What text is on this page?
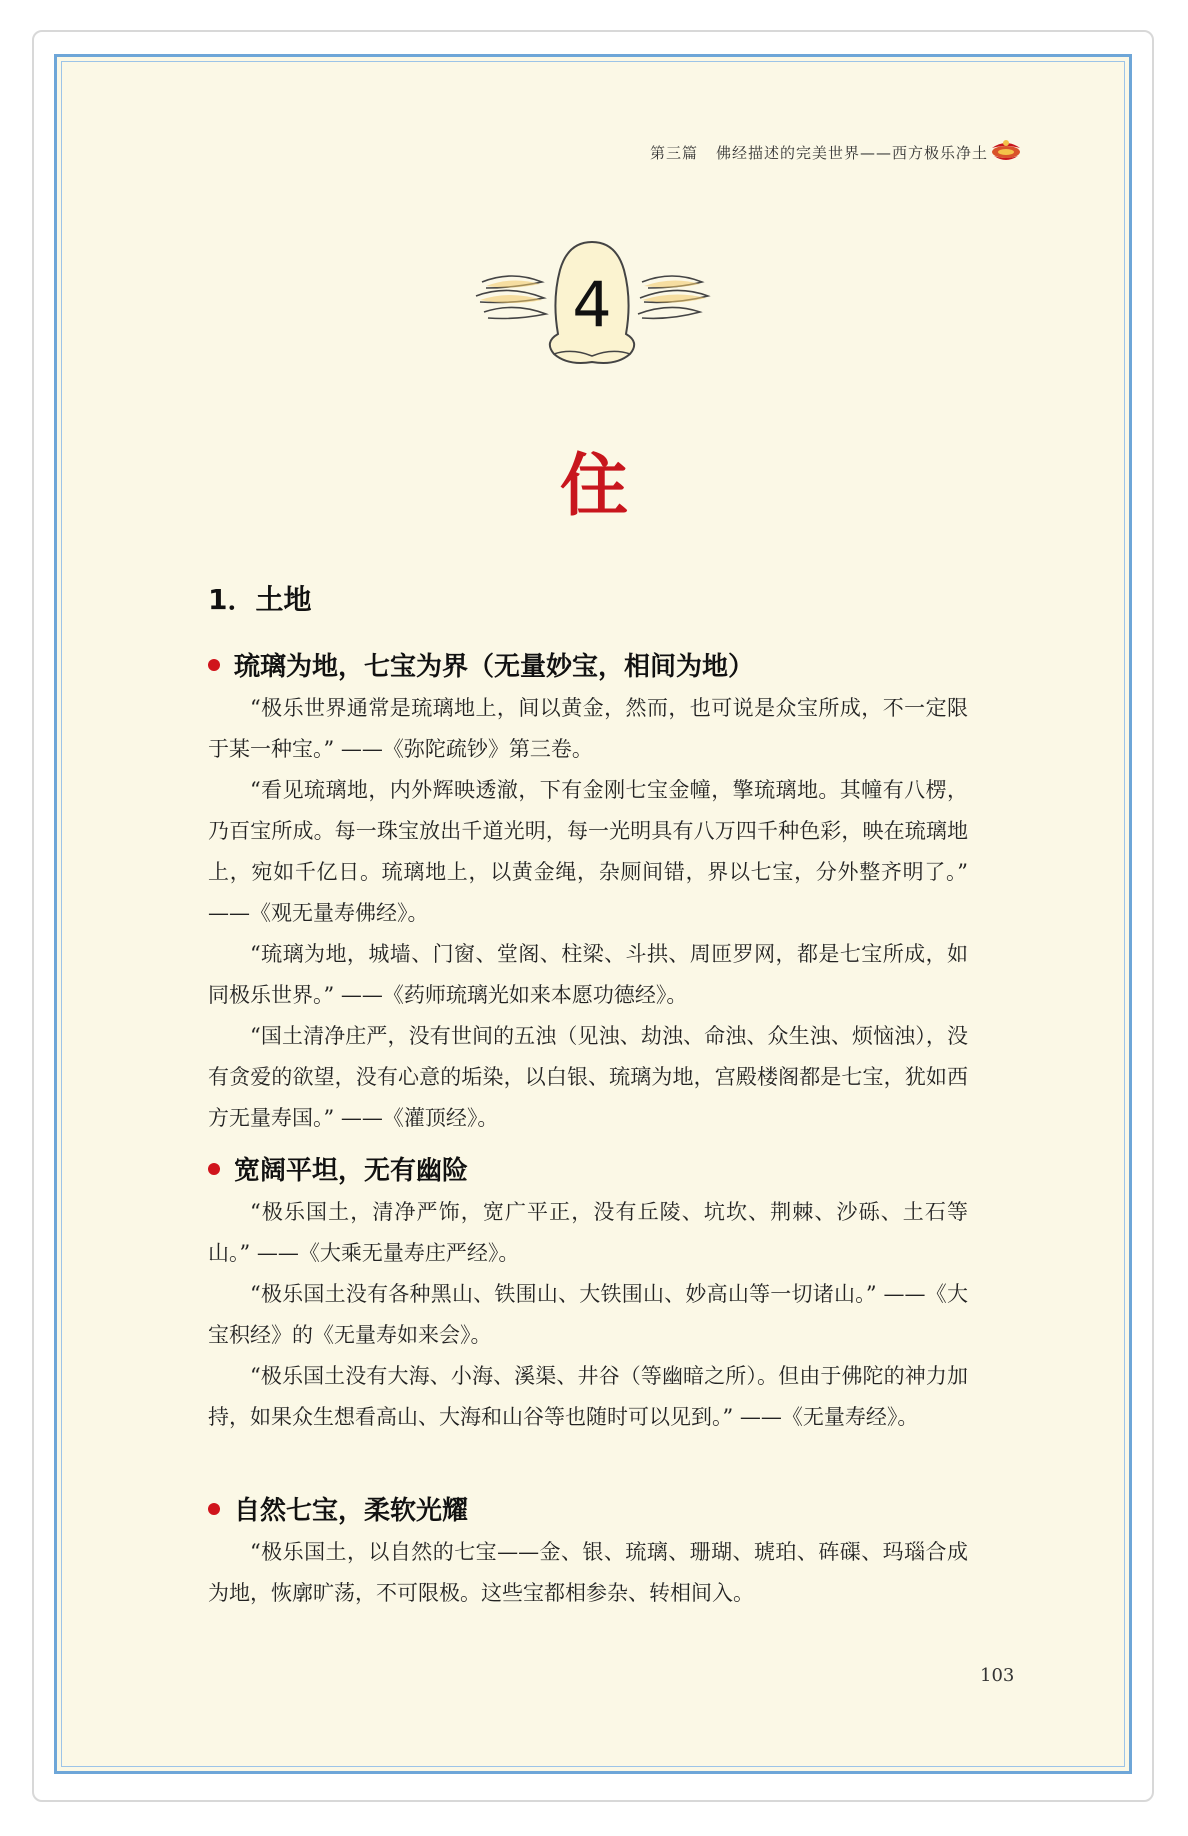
第三篇 佛经描述的完美世界——西方极乐净土
4
住
1．土地
琉璃为地，七宝为界（无量妙宝，相间为地）
“极乐世界通常是琉璃地上，间以黄金，然而，也可说是众宝所成，不一定限于某一种宝。” ——《弥陀疏钞》第三卷。
“看见琉璃地，内外辉映透澈，下有金刚七宝金幢，擎琉璃地。其幢有八楞，乃百宝所成。每一珠宝放出千道光明，每一光明具有八万四千种色彩，映在琉璃地上，宛如千亿日。琉璃地上，以黄金绳，杂厕间错，界以七宝，分外整齐明了。” ——《观无量寿佛经》。
“琉璃为地，城墙、门窗、堂阁、柱梁、斗拱、周匝罗网，都是七宝所成，如同极乐世界。” ——《药师琉璃光如来本愿功德经》。
“国土清净庄严，没有世间的五浊（见浊、劫浊、命浊、众生浊、烦恼浊），没有贪爱的欲望，没有心意的垢染，以白银、琉璃为地，宫殿楼阁都是七宝，犹如西方无量寿国。” ——《灌顶经》。
宽阔平坦，无有幽险
“极乐国土，清净严饰，宽广平正，没有丘陵、坑坎、荆棘、沙砾、土石等山。” ——《大乘无量寿庄严经》。
“极乐国土没有各种黑山、铁围山、大铁围山、妙高山等一切诸山。” ——《大宝积经》的《无量寿如来会》。
“极乐国土没有大海、小海、溪渠、井谷（等幽暗之所）。但由于佛陀的神力加持，如果众生想看高山、大海和山谷等也随时可以见到。” ——《无量寿经》。
自然七宝，柔软光耀
“极乐国土，以自然的七宝——金、银、琉璃、珊瑚、琥珀、砗磲、玛瑙合成为地，恢廓旷荡，不可限极。这些宝都相参杂、转相间入。
103
